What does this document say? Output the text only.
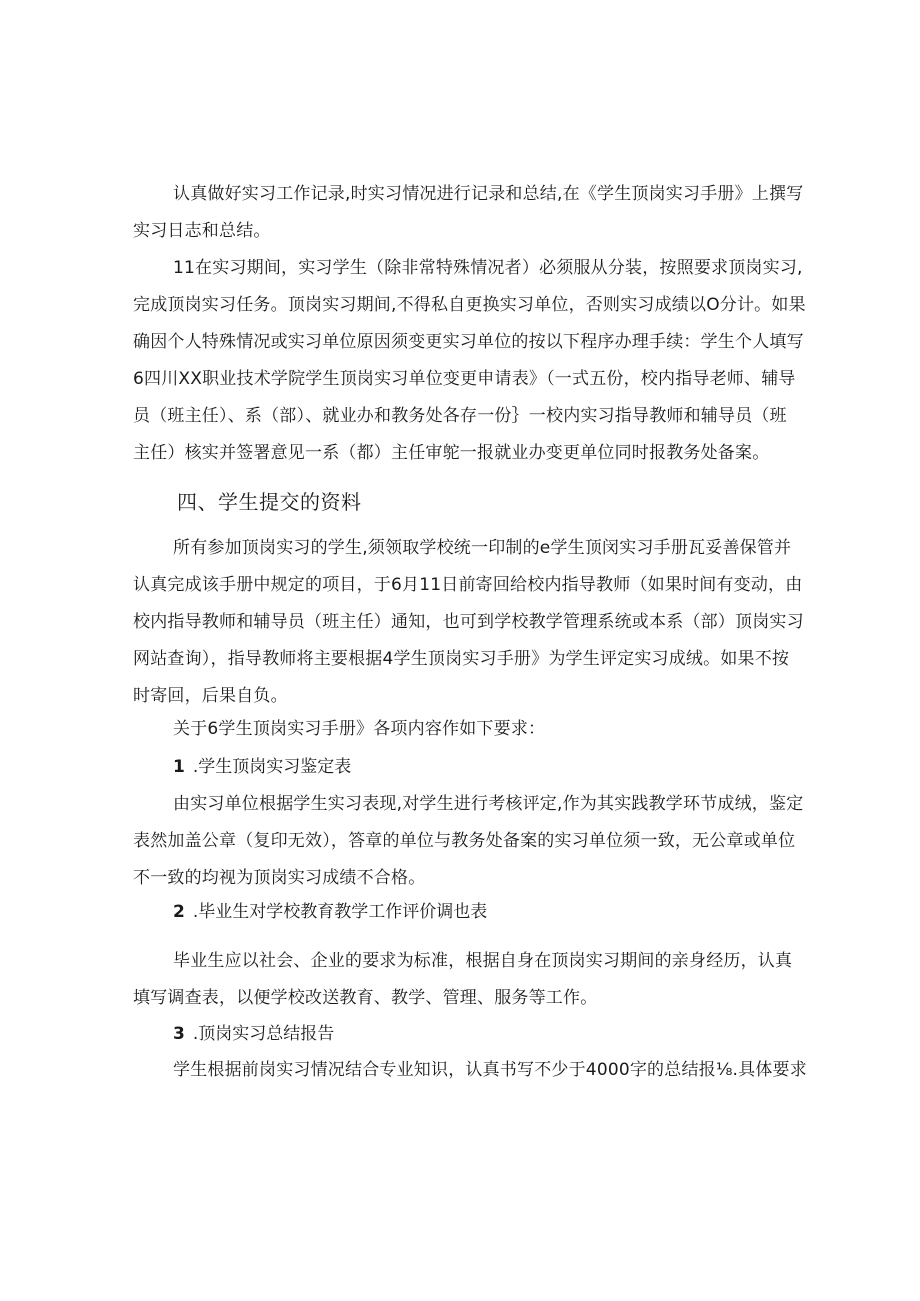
认真做好实习工作记录,时实习情况进行记录和总结,在《学生顶岗实习手册》上撰写
实习日志和总结。
11在实习期间，实习学生（除非常特殊情况者）必须服从分装，按照要求顶岗实习,
完成顶岗实习任务。顶岗实习期间,不得私自更换实习单位，否则实习成绩以O分计。如果
确因个人特殊情况或实习单位原因须变更实习单位的按以下程序办理手续：学生个人填写
6四川XX职业技术学院学生顶岗实习单位变更申请表》（一式五份，校内指导老师、辅导
员（班主任）、系（部）、就业办和教务处各存一份｝一校内实习指导教师和辅导员（班
主任）核实并签署意见一系（都）主任审鸵一报就业办变更单位同时报教务处备案。
四、学生提交的资料
所有参加顶岗实习的学生,须领取学校统一印制的e学生顶闵实习手册瓦妥善保管并
认真完成该手册中规定的项目，于6月11日前寄回给校内指导教师（如果时间有变动，由
校内指导教师和辅导员（班主任）通知，也可到学校教学管理系统或本系（部）顶岗实习
网站查询），指导教师将主要根据4学生顶岗实习手册》为学生评定实习成绒。如果不按
时寄回，后果自负。
关于6学生顶岗实习手册》各项内容作如下要求：
1 .学生顶岗实习鉴定表
由实习单位根据学生实习表现,对学生进行考核评定,作为其实践教学环节成绒，鉴定
表然加盖公章（复印无效），答章的单位与教务处备案的实习单位须一致，无公章或单位
不一致的均视为顶岗实习成绩不合格。
2 .毕业生对学校教育教学工作评价调也表
毕业生应以社会、企业的要求为标准，根据自身在顶岗实习期间的亲身经历，认真
填写调查表，以便学校改送教育、教学、管理、服务等工作。
3 .顶岗实习总结报告
学生根据前岗实习情况结合专业知识，认真书写不少于4000字的总结报⅛.具体要求
